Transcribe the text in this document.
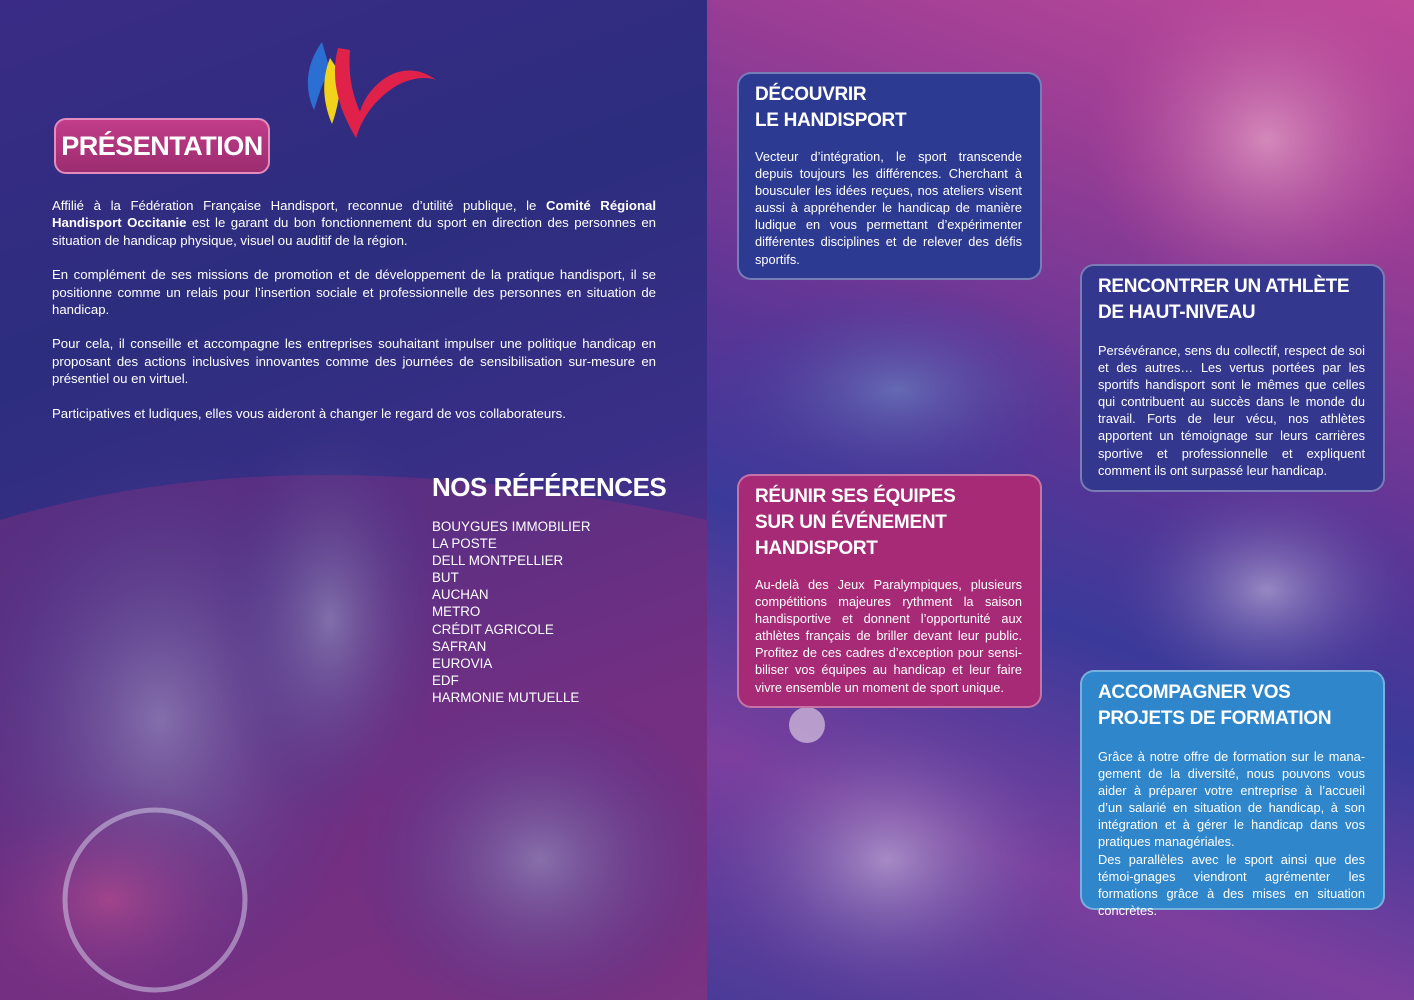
PRÉSENTATION

Affilié à la Fédération Française Handisport, reconnue d’utilité publique, le Comité Régional Handisport Occitanie est le garant du bon fonctionnement du sport en direction des personnes en situation de handicap physique, visuel ou auditif de la région.

En complément de ses missions de promotion et de développement de la pratique handisport, il se positionne comme un relais pour l’insertion sociale et professionnelle des personnes en situation de handicap.

Pour cela, il conseille et accompagne les entreprises souhaitant impulser une politique handicap en proposant des actions inclusives innovantes comme des journées de sensibilisation sur-mesure en présentiel ou en virtuel.

Participatives et ludiques, elles vous aideront à changer le regard de vos collaborateurs.

NOS RÉFÉRENCES
BOUYGUES IMMOBILIER
LA POSTE
DELL MONTPELLIER
BUT
AUCHAN
METRO
CRÉDIT AGRICOLE
SAFRAN
EUROVIA
EDF
HARMONIE MUTUELLE
DÉCOUVRIR
LE HANDISPORT

Vecteur d’intégration, le sport transcende depuis toujours les différences. Cherchant à bousculer les idées reçues, nos ateliers visent aussi à appréhender le handicap de manière ludique en vous permettant d’expérimenter différentes disciplines et de relever des défis sportifs.

RENCONTRER UN ATHLÈTE
DE HAUT-NIVEAU

Persévérance, sens du collectif, respect de soi et des autres… Les vertus portées par les sportifs handisport sont le mêmes que celles qui contribuent au succès dans le monde du travail. Forts de leur vécu, nos athlètes apportent un témoignage sur leurs carrières sportive et professionnelle et expliquent comment ils ont surpassé leur handicap.

RÉUNIR SES ÉQUIPES
SUR UN ÉVÉNEMENT
HANDISPORT

Au-delà des Jeux Paralympiques, plusieurs compétitions majeures rythment la saison handisportive et donnent l’opportunité aux athlètes français de briller devant leur public. Profitez de ces cadres d’exception pour sensi-biliser vos équipes au handicap et leur faire vivre ensemble un moment de sport unique.	ACCOMPAGNER VOS
PROJETS DE FORMATION

Grâce à notre offre de formation sur le mana-gement de la diversité, nous pouvons vous aider à préparer votre entreprise à l’accueil d’un salarié en situation de handicap, à son intégration et à gérer le handicap dans vos pratiques managériales.

Des parallèles avec le sport ainsi que des témoi-gnages viendront agrémenter les formations grâce à des mises en situation concrètes.
